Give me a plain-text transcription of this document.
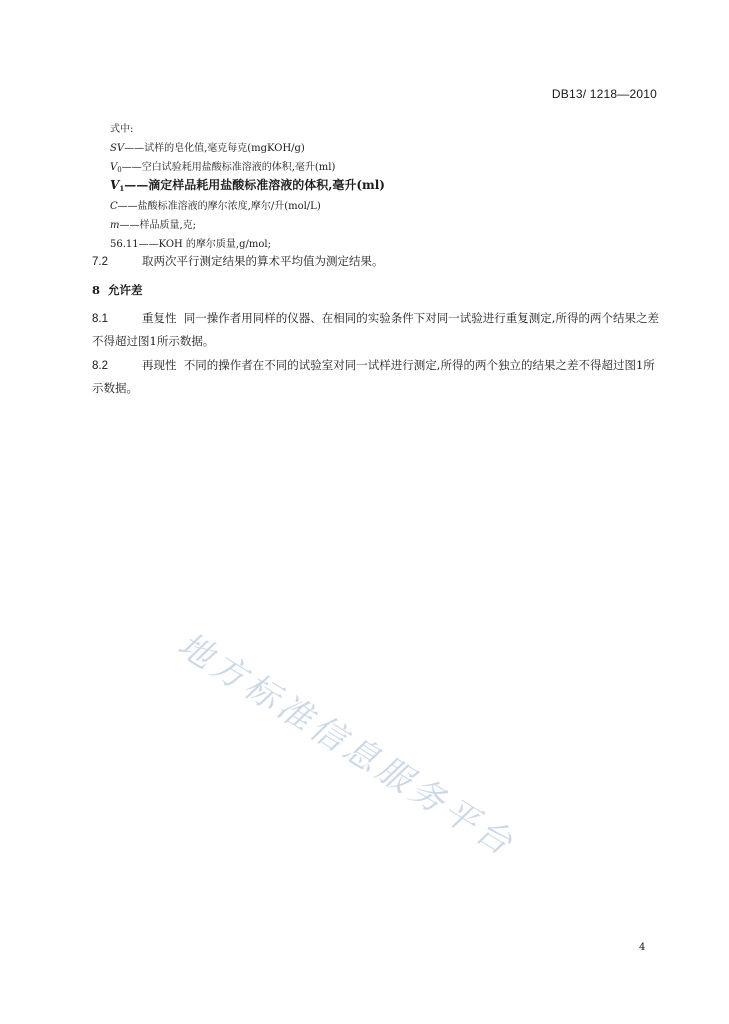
DB13/ 1218—2010
式中:
SV——试样的皂化值,毫克每克(mgKOH/g)
$V_0——$空白试验耗用盐酸标准溶液的体积,毫升(ml)
$V_1——$滴定样品耗用盐酸标准溶液的体积,毫升(ml)
C——盐酸标准溶液的摩尔浓度,摩尔/升(mol/L)
m——样品质量,克;
56.11——KOH 的摩尔质量,g/mol;
7.2	取两次平行测定结果的算术平均值为测定结果。
8 允许差
8.1	重复性 同一操作者用同样的仪器、在相同的实验条件下对同一试验进行重复测定,所得的两个结果之差不得超过图1所示数据。
8.2	再现性 不同的操作者在不同的试验室对同一试样进行测定,所得的两个独立的结果之差不得超过图1所示数据。
地方标准信息服务平台
4
